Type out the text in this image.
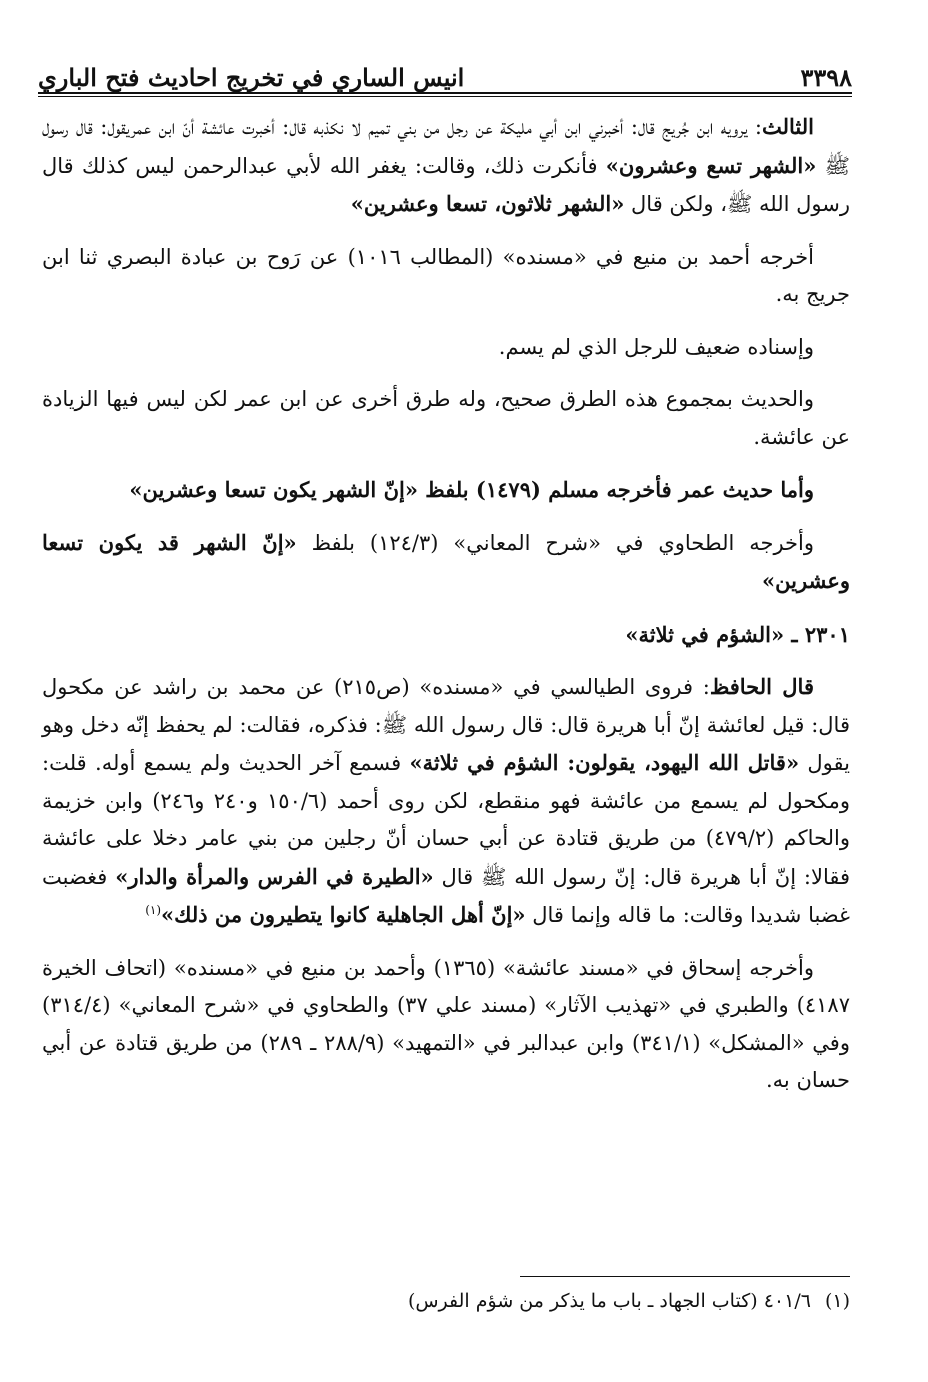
٣٣٩٨
انيس الساري في تخريج احاديث فتح الباري

الثالث: يرويه ابن جُريج قال: أخبرني ابن أبي مليكة عن رجل من بني تميم لا نكذبه قال: أخبرت عائشة أنّ ابن عمريقول: قال رسول ﷺ «الشهر تسع وعشرون» فأنكرت ذلك، وقالت: يغفر الله لأبي عبدالرحمن ليس كذلك قال رسول الله ﷺ، ولكن قال «الشهر ثلاثون، تسعا وعشرين»

أخرجه أحمد بن منيع في «مسنده» (المطالب ١٠١٦) عن رَوح بن عبادة البصري ثنا ابن جريج به.

وإسناده ضعيف للرجل الذي لم يسم.

والحديث بمجموع هذه الطرق صحيح، وله طرق أخرى عن ابن عمر لكن ليس فيها الزيادة عن عائشة.

وأما حديث عمر فأخرجه مسلم (١٤٧٩) بلفظ «إنّ الشهر يكون تسعا وعشرين»

وأخرجه الطحاوي في «شرح المعاني» (١٢٤/٣) بلفظ «إنّ الشهر قد يكون تسعا وعشرين»

٢٣٠١ ـ «الشؤم في ثلاثة»

قال الحافظ: فروى الطيالسي في «مسنده» (ص٢١٥) عن محمد بن راشد عن مكحول قال: قيل لعائشة إنّ أبا هريرة قال: قال رسول الله ﷺ: فذكره، فقالت: لم يحفظ إنّه دخل وهو يقول «قاتل الله اليهود، يقولون: الشؤم في ثلاثة» فسمع آخر الحديث ولم يسمع أوله. قلت: ومكحول لم يسمع من عائشة فهو منقطع، لكن روى أحمد (١٥٠/٦ و٢٤٠ و٢٤٦) وابن خزيمة والحاكم (٤٧٩/٢) من طريق قتادة عن أبي حسان أنّ رجلين من بني عامر دخلا على عائشة فقالا: إنّ أبا هريرة قال: إنّ رسول الله ﷺ قال «الطيرة في الفرس والمرأة والدار» فغضبت غضبا شديدا وقالت: ما قاله وإنما قال «إنّ أهل الجاهلية كانوا يتطيرون من ذلك»$^{(١)}$

وأخرجه إسحاق في «مسند عائشة» (١٣٦٥) وأحمد بن منيع في «مسنده» (اتحاف الخيرة ٤١٨٧) والطبري في «تهذيب الآثار» (مسند علي ٣٧) والطحاوي في «شرح المعاني» (٣١٤/٤) وفي «المشكل» (٣٤١/١) وابن عبدالبر في «التمهيد» (٢٨٨/٩ ـ ٢٨٩) من طريق قتادة عن أبي حسان به.

(١)٤٠١/٦ (كتاب الجهاد ـ باب ما يذكر من شؤم الفرس)
